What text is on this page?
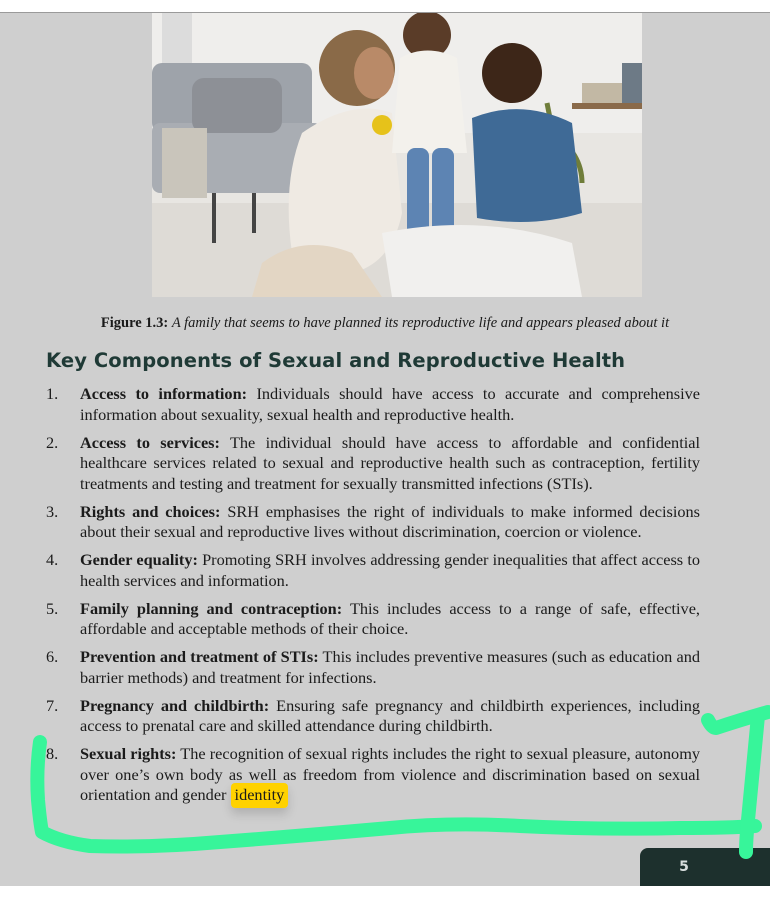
Figure 1.3: A family that seems to have planned its reproductive life and appears pleased about it
Key Components of Sexual and Reproductive Health
1. Access to information: Individuals should have access to accurate and comprehensive information about sexuality, sexual health and reproductive health.
2. Access to services: The individual should have access to affordable and confidential healthcare services related to sexual and reproductive health such as contraception, fertility treatments and testing and treatment for sexually transmitted infections (STIs).
3. Rights and choices: SRH emphasises the right of individuals to make informed decisions about their sexual and reproductive lives without discrimination, coercion or violence.
4. Gender equality: Promoting SRH involves addressing gender inequalities that affect access to health services and information.
5. Family planning and contraception: This includes access to a range of safe, effective, affordable and acceptable methods of their choice.
6. Prevention and treatment of STIs: This includes preventive measures (such as education and barrier methods) and treatment for infections.
7. Pregnancy and childbirth: Ensuring safe pregnancy and childbirth experiences, including access to prenatal care and skilled attendance during childbirth.
8. Sexual rights: The recognition of sexual rights includes the right to sexual pleasure, autonomy over one’s own body as well as freedom from violence and discrimination based on sexual orientation and gender identity
5
